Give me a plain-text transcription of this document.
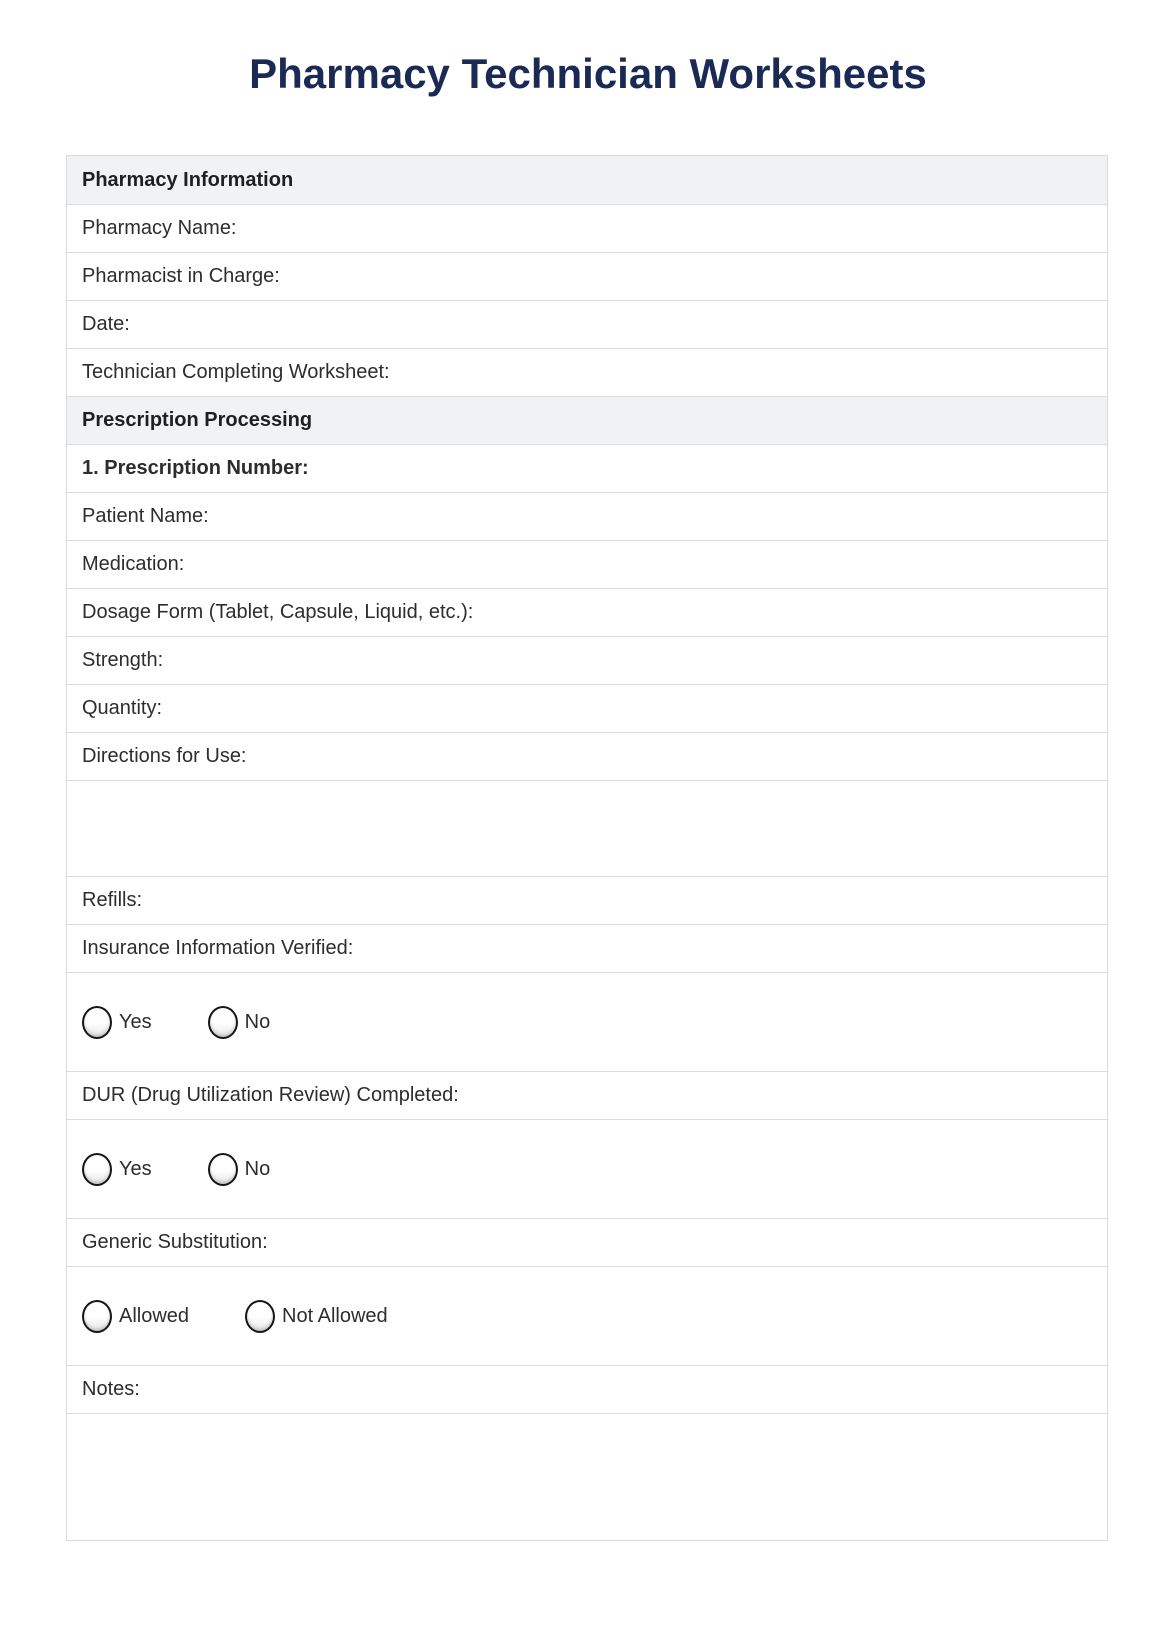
Pharmacy Technician Worksheets
Pharmacy Information
Pharmacy Name:
Pharmacist in Charge:
Date:
Technician Completing Worksheet:
Prescription Processing
1. Prescription Number:
Patient Name:
Medication:
Dosage Form (Tablet, Capsule, Liquid, etc.):
Strength:
Quantity:
Directions for Use:
Refills:
Insurance Information Verified:
Yes	No
DUR (Drug Utilization Review) Completed:
Yes	No
Generic Substitution:
Allowed	Not Allowed
Notes:
